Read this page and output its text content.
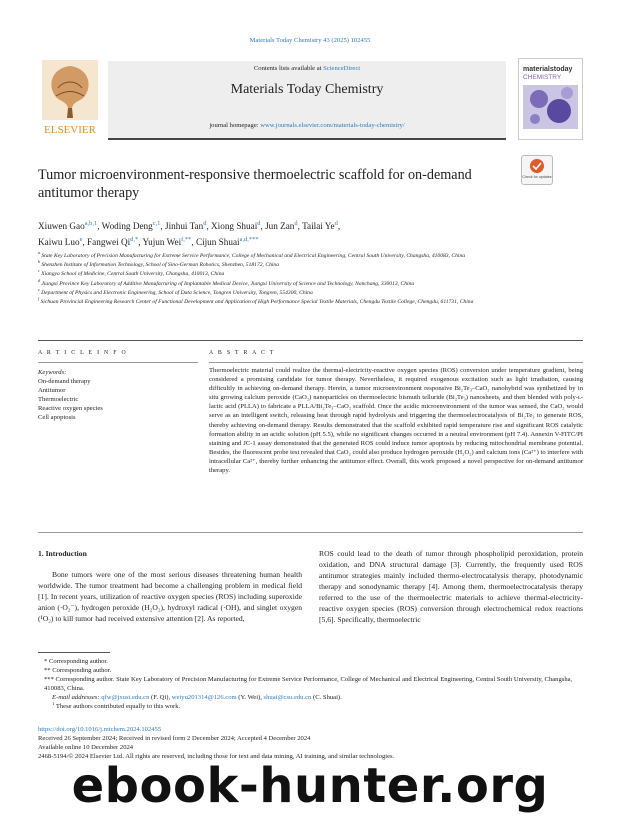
Materials Today Chemistry 43 (2025) 102455
ELSEVIER
Contents lists available at ScienceDirect
Materials Today Chemistry
journal homepage: www.journals.elsevier.com/materials-today-chemistry/
materialstoday
CHEMISTRY
Check for updates
Tumor microenvironment-responsive thermoelectric scaffold for on-demand antitumor therapy
Xiuwen Gao$^{a,b,1}$, Woding Deng$^{c,1}$, Jinhui Tan$^d$, Xiong Shuai$^d$, Jun Zan$^d$, Tailai Ye$^d$,
Kaiwu Luo$^e$, Fangwei $Qi^{d,*}$, Yujun Wei$^{f,**}$, Cijun Shuai$^{a,d,***}$
$^a$ State Key Laboratory of Precision Manufacturing for Extreme Service Performance, College of Mechanical and Electrical Engineering, Central South University, Changsha, 410083, China
$^b$ Shenzhen Institute of Information Technology, School of Sino-German Robotics, Shenzhen, 518172, China
$^c$ Xiangya School of Medicine, Central South University, Changsha, 410013, China
$^d$ Jiangxi Province Key Laboratory of Additive Manufacturing of Implantable Medical Device, Jiangxi University of Science and Technology, Nanchang, 330013, China
$^e$ Department of Physics and Electronic Engineering, School of Data Science, Tongren University, Tongren, 554300, China
$^f$ Sichuan Provincial Engineering Research Center of Functional Development and Application of High Performance Special Textile Materials, Chengdu Textile College, Chengdu, 611731, China
A R T I C L E I N F O	A B S T R A C T
Keywords:
On-demand therapy
Antitumor
Thermoelectric
Reactive oxygen species
Cell apoptosis
Thermoelectric material could realize the thermal-electricity-reactive oxygen species (ROS) conversion under temperature gradient, being considered a promising candidate for tumor therapy. Nevertheless, it required exogenous excitation such as light irradiation, causing difficultly in achieving on-demand therapy. Herein, a tumor microenvironment responsive Bi₂Te₃–CaO₂ nanohybrid was synthetized by in situ growing calcium peroxide (CaO₂) nanoparticles on thermoelectric bismuth telluride (Bi₂Te₃) nanosheets, and then blended with poly-ʟ-lactic acid (PLLA) to fabricate a PLLA/Bi₂Te₃–CaO₂ scaffold. Once the acidic microenvironment of the tumor was sensed, the CaO₂ would serve as an intelligent switch, releasing heat through rapid hydrolysis and triggering the thermoelectrocatalysis of Bi₂Te₃ to generate ROS, thereby achieving on-demand therapy. Results demonstrated that the scaffold exhibited rapid temperature rise and significant ROS catalytic formation ability in an acidic solution (pH 5.5), while no significant changes occurred in a neutral environment (pH 7.4). Annexin V-FITC/PI staining and JC-1 assay demonstrated that the generated ROS could induce tumor apoptosis by reducing mitochondrial membrane potential. Besides, the fluorescent probe test revealed that CaO₂ could also produce hydrogen peroxide (H₂O₂) and calcium ions (Ca²⁺) to interfere with intracellular Ca²⁺, thereby further enhancing the antitumor effect. Overall, this work proposed a novel perspective for on-demand antitumor therapy.
1. Introduction
Bone tumors were one of the most serious diseases threatening human health worldwide. The tumor treatment had become a challenging problem in medical field [1]. In recent years, utilization of reactive oxygen species (ROS) including superoxide anion (·O₂⁻), hydrogen peroxide (H₂O₂), hydroxyl radical (·OH), and singlet oxygen (¹O₂) to kill tumor had received extensive attention [2]. As reported,
ROS could lead to the death of tumor through phospholipid peroxidation, protein oxidation, and DNA structural damage [3]. Currently, the frequently used ROS antitumor strategies mainly included thermo-electrocatalysis therapy, photodynamic therapy and sonodynamic therapy [4]. Among them, thermoelectrocatalysis therapy referred to the use of the thermoelectric materials to achieve thermal-electricity-reactive oxygen species (ROS) conversion through electrochemical redox reactions [5,6]. Specifically, thermoelectric
* Corresponding author.
** Corresponding author.
*** Corresponding author. State Key Laboratory of Precision Manufacturing for Extreme Service Performance, College of Mechanical and Electrical Engineering, Central South University, Changsha, 410083, China.
E-mail addresses: qfw@jxust.edu.cn (F. Qi), weiyu201314@126.com (Y. Wei), shuai@csu.edu.cn (C. Shuai).
$^1$ These authors contributed equally to this work.
https://doi.org/10.1016/j.mtchem.2024.102455
Received 26 September 2024; Received in revised form 2 December 2024; Accepted 4 December 2024
Available online 10 December 2024
2468-5194/© 2024 Elsevier Ltd. All rights are reserved, including those for text and data mining, AI training, and similar technologies.
ebook-hunter.org
